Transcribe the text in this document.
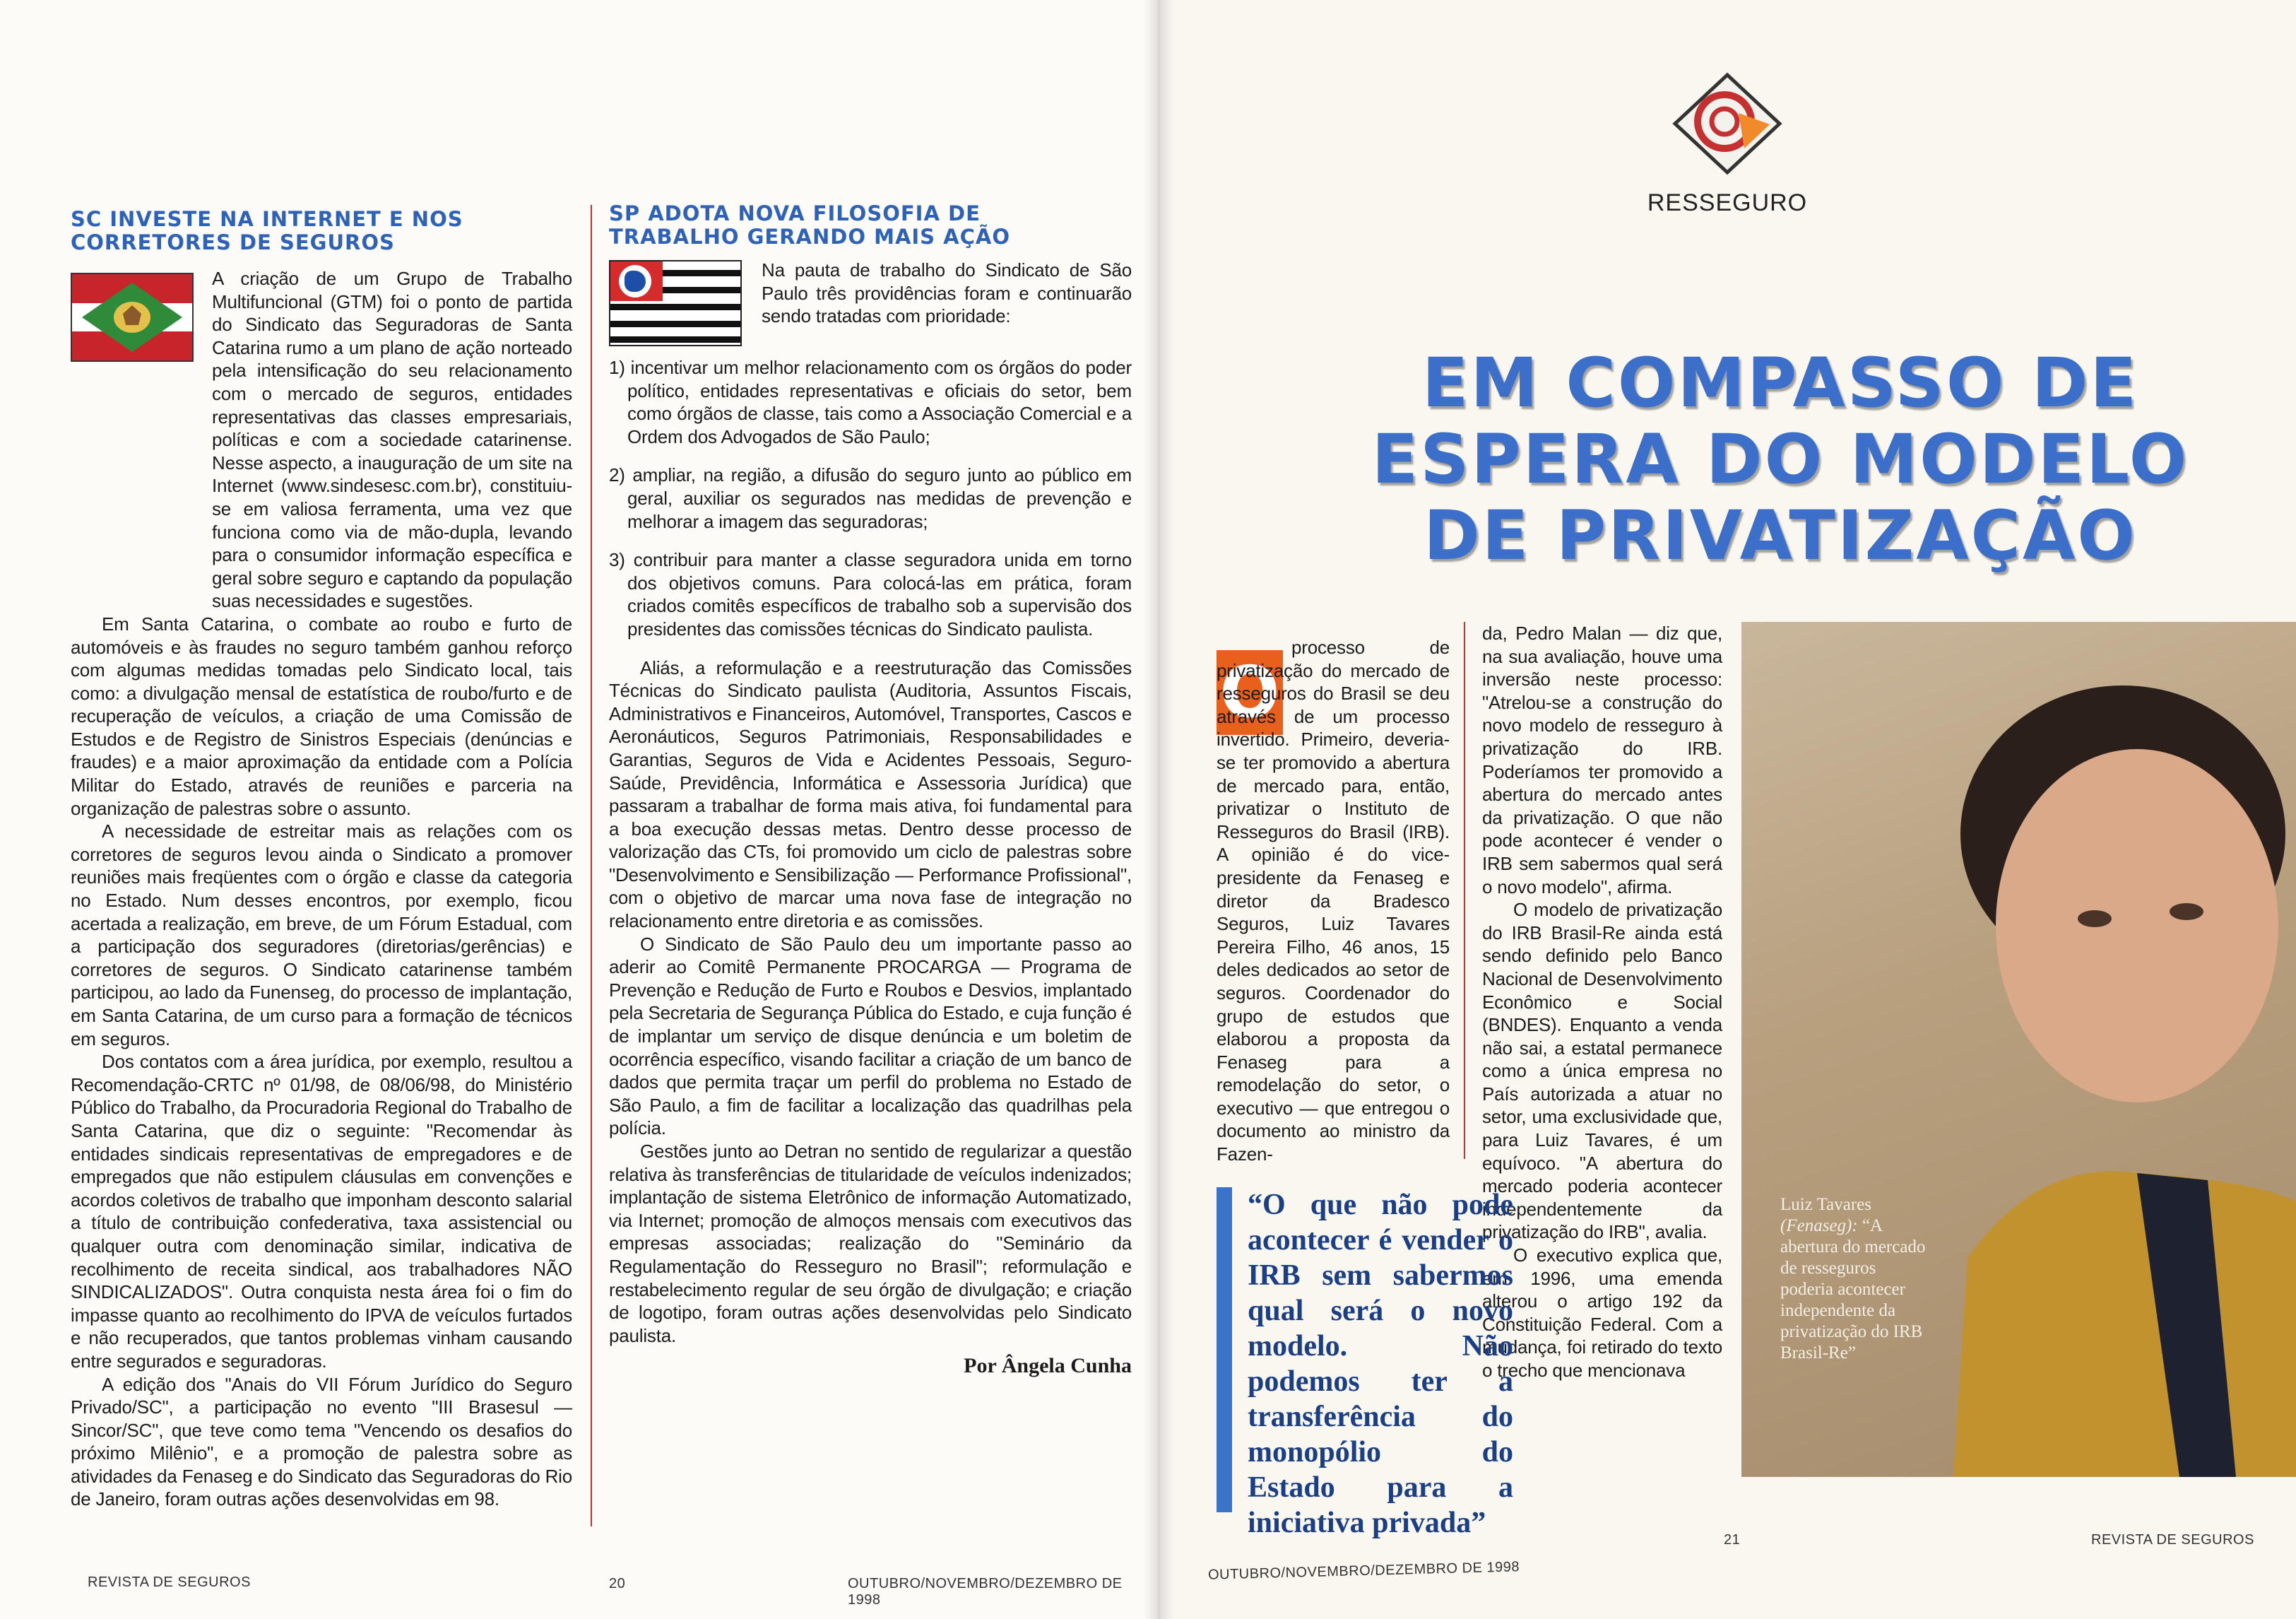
SC INVESTE NA INTERNET E NOS CORRETORES DE SEGUROS

A criação de um Grupo de Trabalho Multifuncional (GTM) foi o ponto de partida do Sindicato das Seguradoras de Santa Catarina rumo a um plano de ação norteado pela intensificação do seu relacionamento com o mercado de seguros, entidades representativas das classes empresariais, políticas e com a sociedade catarinense. Nesse aspecto, a inauguração de um site na Internet (www.sindesesc.com.br), constituiu-se em valiosa ferramenta, uma vez que funciona como via de mão-dupla, levando para o consumidor informação específica e geral sobre seguro e captando da população suas necessidades e sugestões.

Em Santa Catarina, o combate ao roubo e furto de automóveis e às fraudes no seguro também ganhou reforço com algumas medidas tomadas pelo Sindicato local, tais como: a divulgação mensal de estatística de roubo/furto e de recuperação de veículos, a criação de uma Comissão de Estudos e de Registro de Sinistros Especiais (denúncias e fraudes) e a maior aproximação da entidade com a Polícia Militar do Estado, através de reuniões e parceria na organização de palestras sobre o assunto.

A necessidade de estreitar mais as relações com os corretores de seguros levou ainda o Sindicato a promover reuniões mais freqüentes com o órgão e classe da categoria no Estado. Num desses encontros, por exemplo, ficou acertada a realização, em breve, de um Fórum Estadual, com a participação dos seguradores (diretorias/gerências) e corretores de seguros. O Sindicato catarinense também participou, ao lado da Funenseg, do processo de implantação, em Santa Catarina, de um curso para a formação de técnicos em seguros.

Dos contatos com a área jurídica, por exemplo, resultou a Recomendação-CRTC nº 01/98, de 08/06/98, do Ministério Público do Trabalho, da Procuradoria Regional do Trabalho de Santa Catarina, que diz o seguinte: "Recomendar às entidades sindicais representativas de empregadores e de empregados que não estipulem cláusulas em convenções e acordos coletivos de trabalho que imponham desconto salarial a título de contribuição confederativa, taxa assistencial ou qualquer outra com denominação similar, indicativa de recolhimento de receita sindical, aos trabalhadores NÃO SINDICALIZADOS". Outra conquista nesta área foi o fim do impasse quanto ao recolhimento do IPVA de veículos furtados e não recuperados, que tantos problemas vinham causando entre segurados e seguradoras.

A edição dos "Anais do VII Fórum Jurídico do Seguro Privado/SC", a participação no evento "III Brasesul — Sincor/SC", que teve como tema "Vencendo os desafios do próximo Milênio", e a promoção de palestra sobre as atividades da Fenaseg e do Sindicato das Seguradoras do Rio de Janeiro, foram outras ações desenvolvidas em 98.

SP ADOTA NOVA FILOSOFIA DE TRABALHO GERANDO MAIS AÇÃO

Na pauta de trabalho do Sindicato de São Paulo três providências foram e continuarão sendo tratadas com prioridade:

1) incentivar um melhor relacionamento com os órgãos do poder político, entidades representativas e oficiais do setor, bem como órgãos de classe, tais como a Associação Comercial e a Ordem dos Advogados de São Paulo;

2) ampliar, na região, a difusão do seguro junto ao público em geral, auxiliar os segurados nas medidas de prevenção e melhorar a imagem das seguradoras;

3) contribuir para manter a classe seguradora unida em torno dos objetivos comuns. Para colocá-las em prática, foram criados comitês específicos de trabalho sob a supervisão dos presidentes das comissões técnicas do Sindicato paulista.

Aliás, a reformulação e a reestruturação das Comissões Técnicas do Sindicato paulista (Auditoria, Assuntos Fiscais, Administrativos e Financeiros, Automóvel, Transportes, Cascos e Aeronáuticos, Seguros Patrimoniais, Responsabilidades e Garantias, Seguros de Vida e Acidentes Pessoais, Seguro-Saúde, Previdência, Informática e Assessoria Jurídica) que passaram a trabalhar de forma mais ativa, foi fundamental para a boa execução dessas metas. Dentro desse processo de valorização das CTs, foi promovido um ciclo de palestras sobre "Desenvolvimento e Sensibilização — Performance Profissional", com o objetivo de marcar uma nova fase de integração no relacionamento entre diretoria e as comissões.

O Sindicato de São Paulo deu um importante passo ao aderir ao Comitê Permanente PROCARGA — Programa de Prevenção e Redução de Furto e Roubos e Desvios, implantado pela Secretaria de Segurança Pública do Estado, e cuja função é de implantar um serviço de disque denúncia e um boletim de ocorrência específico, visando facilitar a criação de um banco de dados que permita traçar um perfil do problema no Estado de São Paulo, a fim de facilitar a localização das quadrilhas pela polícia.

Gestões junto ao Detran no sentido de regularizar a questão relativa às transferências de titularidade de veículos indenizados; implantação de sistema Eletrônico de informação Automatizado, via Internet; promoção de almoços mensais com executivos das empresas associadas; realização do "Seminário da Regulamentação do Resseguro no Brasil"; reformulação e restabelecimento regular de seu órgão de divulgação; e criação de logotipo, foram outras ações desenvolvidas pelo Sindicato paulista.

Por Ângela Cunha
REVISTA DE SEGUROS	20	OUTUBRO/NOVEMBRO/DEZEMBRO DE 1998
RESSEGURO
EM COMPASSO DE
ESPERA DO MODELO
DE PRIVATIZAÇÃO
O

processo de privatização do mercado de resseguros do Brasil se deu através de um processo invertido. Primeiro, deveria-se ter promovido a abertura de mercado para, então, privatizar o Instituto de Resseguros do Brasil (IRB). A opinião é do vice-presidente da Fenaseg e diretor da Bradesco Seguros, Luiz Tavares Pereira Filho, 46 anos, 15 deles dedicados ao setor de seguros. Coordenador do grupo de estudos que elaborou a proposta da Fenaseg para a remodelação do setor, o executivo — que entregou o documento ao ministro da Fazen-

da, Pedro Malan — diz que, na sua avaliação, houve uma inversão neste processo: "Atrelou-se a construção do novo modelo de resseguro à privatização do IRB. Poderíamos ter promovido a abertura do mercado antes da privatização. O que não pode acontecer é vender o IRB sem sabermos qual será o novo modelo", afirma.

O modelo de privatização do IRB Brasil-Re ainda está sendo definido pelo Banco Nacional de Desenvolvimento Econômico e Social (BNDES). Enquanto a venda não sai, a estatal permanece como a única empresa no País autorizada a atuar no setor, uma exclusividade que, para Luiz Tavares, é um equívoco. "A abertura do mercado poderia acontecer independentemente da privatização do IRB", avalia.

O executivo explica que, em 1996, uma emenda alterou o artigo 192 da Constituição Federal. Com a mudança, foi retirado do texto o trecho que mencionava

“O que não pode acontecer é vender o IRB sem sabermos qual será o novo modelo. Não podemos ter a transferência do monopólio do Estado para a iniciativa privada”
Luiz Tavares (Fenaseg): “A abertura do mercado de resseguros poderia acontecer independente da privatização do IRB Brasil-Re”
OUTUBRO/NOVEMBRO/DEZEMBRO DE 1998
21	REVISTA DE SEGUROS
